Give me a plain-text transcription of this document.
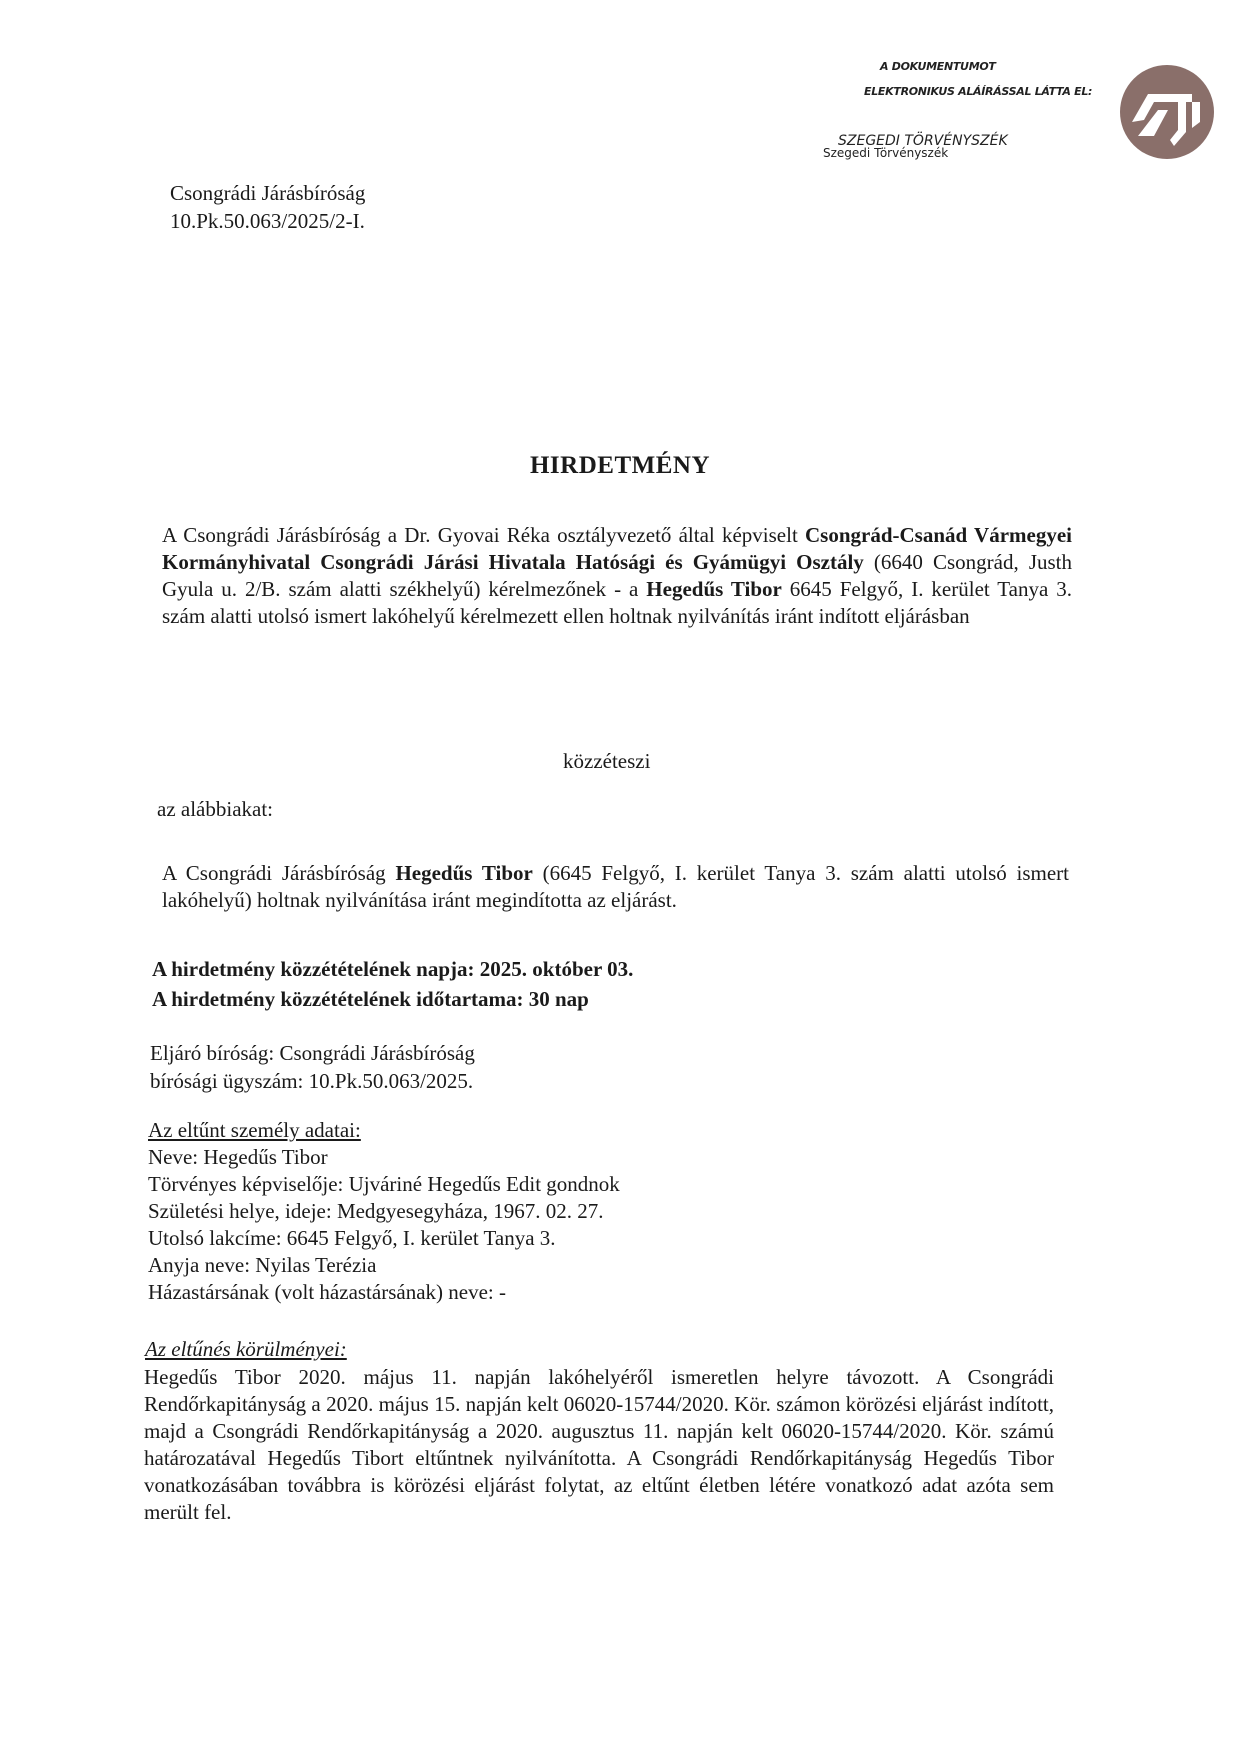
A DOKUMENTUMOT
ELEKTRONIKUS ALÁÍRÁSSAL LÁTTA EL:
SZEGEDI TÖRVÉNYSZÉK
Szegedi Törvényszék
Csongrádi Járásbíróság
10.Pk.50.063/2025/2-I.
HIRDETMÉNY
A Csongrádi Járásbíróság a Dr. Gyovai Réka osztályvezető által képviselt Csongrád-Csanád Vármegyei Kormányhivatal Csongrádi Járási Hivatala Hatósági és Gyámügyi Osztály (6640 Csongrád, Justh Gyula u. 2/B. szám alatti székhelyű) kérelmezőnek - a Hegedűs Tibor 6645 Felgyő, I. kerület Tanya 3. szám alatti utolsó ismert lakóhelyű kérelmezett ellen holtnak nyilvánítás iránt indított eljárásban
közzéteszi
az alábbiakat:
A Csongrádi Járásbíróság Hegedűs Tibor (6645 Felgyő, I. kerület Tanya 3. szám alatti utolsó ismert lakóhelyű) holtnak nyilvánítása iránt megindította az eljárást.
A hirdetmény közzétételének napja: 2025. október 03.
A hirdetmény közzétételének időtartama: 30 nap
Eljáró bíróság: Csongrádi Járásbíróság
bírósági ügyszám: 10.Pk.50.063/2025.
Az eltűnt személy adatai:
Neve: Hegedűs Tibor
Törvényes képviselője: Ujváriné Hegedűs Edit gondnok
Születési helye, ideje: Medgyesegyháza, 1967. 02. 27.
Utolsó lakcíme: 6645 Felgyő, I. kerület Tanya 3.
Anyja neve: Nyilas Terézia
Házastársának (volt házastársának) neve: -
Az eltűnés körülményei:
Hegedűs Tibor 2020. május 11. napján lakóhelyéről ismeretlen helyre távozott. A Csongrádi Rendőrkapitányság a 2020. május 15. napján kelt 06020-15744/2020. Kör. számon körözési eljárást indított, majd a Csongrádi Rendőrkapitányság a 2020. augusztus 11. napján kelt 06020-15744/2020. Kör. számú határozatával Hegedűs Tibort eltűntnek nyilvánította. A Csongrádi Rendőrkapitányság Hegedűs Tibor vonatkozásában továbbra is körözési eljárást folytat, az eltűnt életben létére vonatkozó adat azóta sem merült fel.
